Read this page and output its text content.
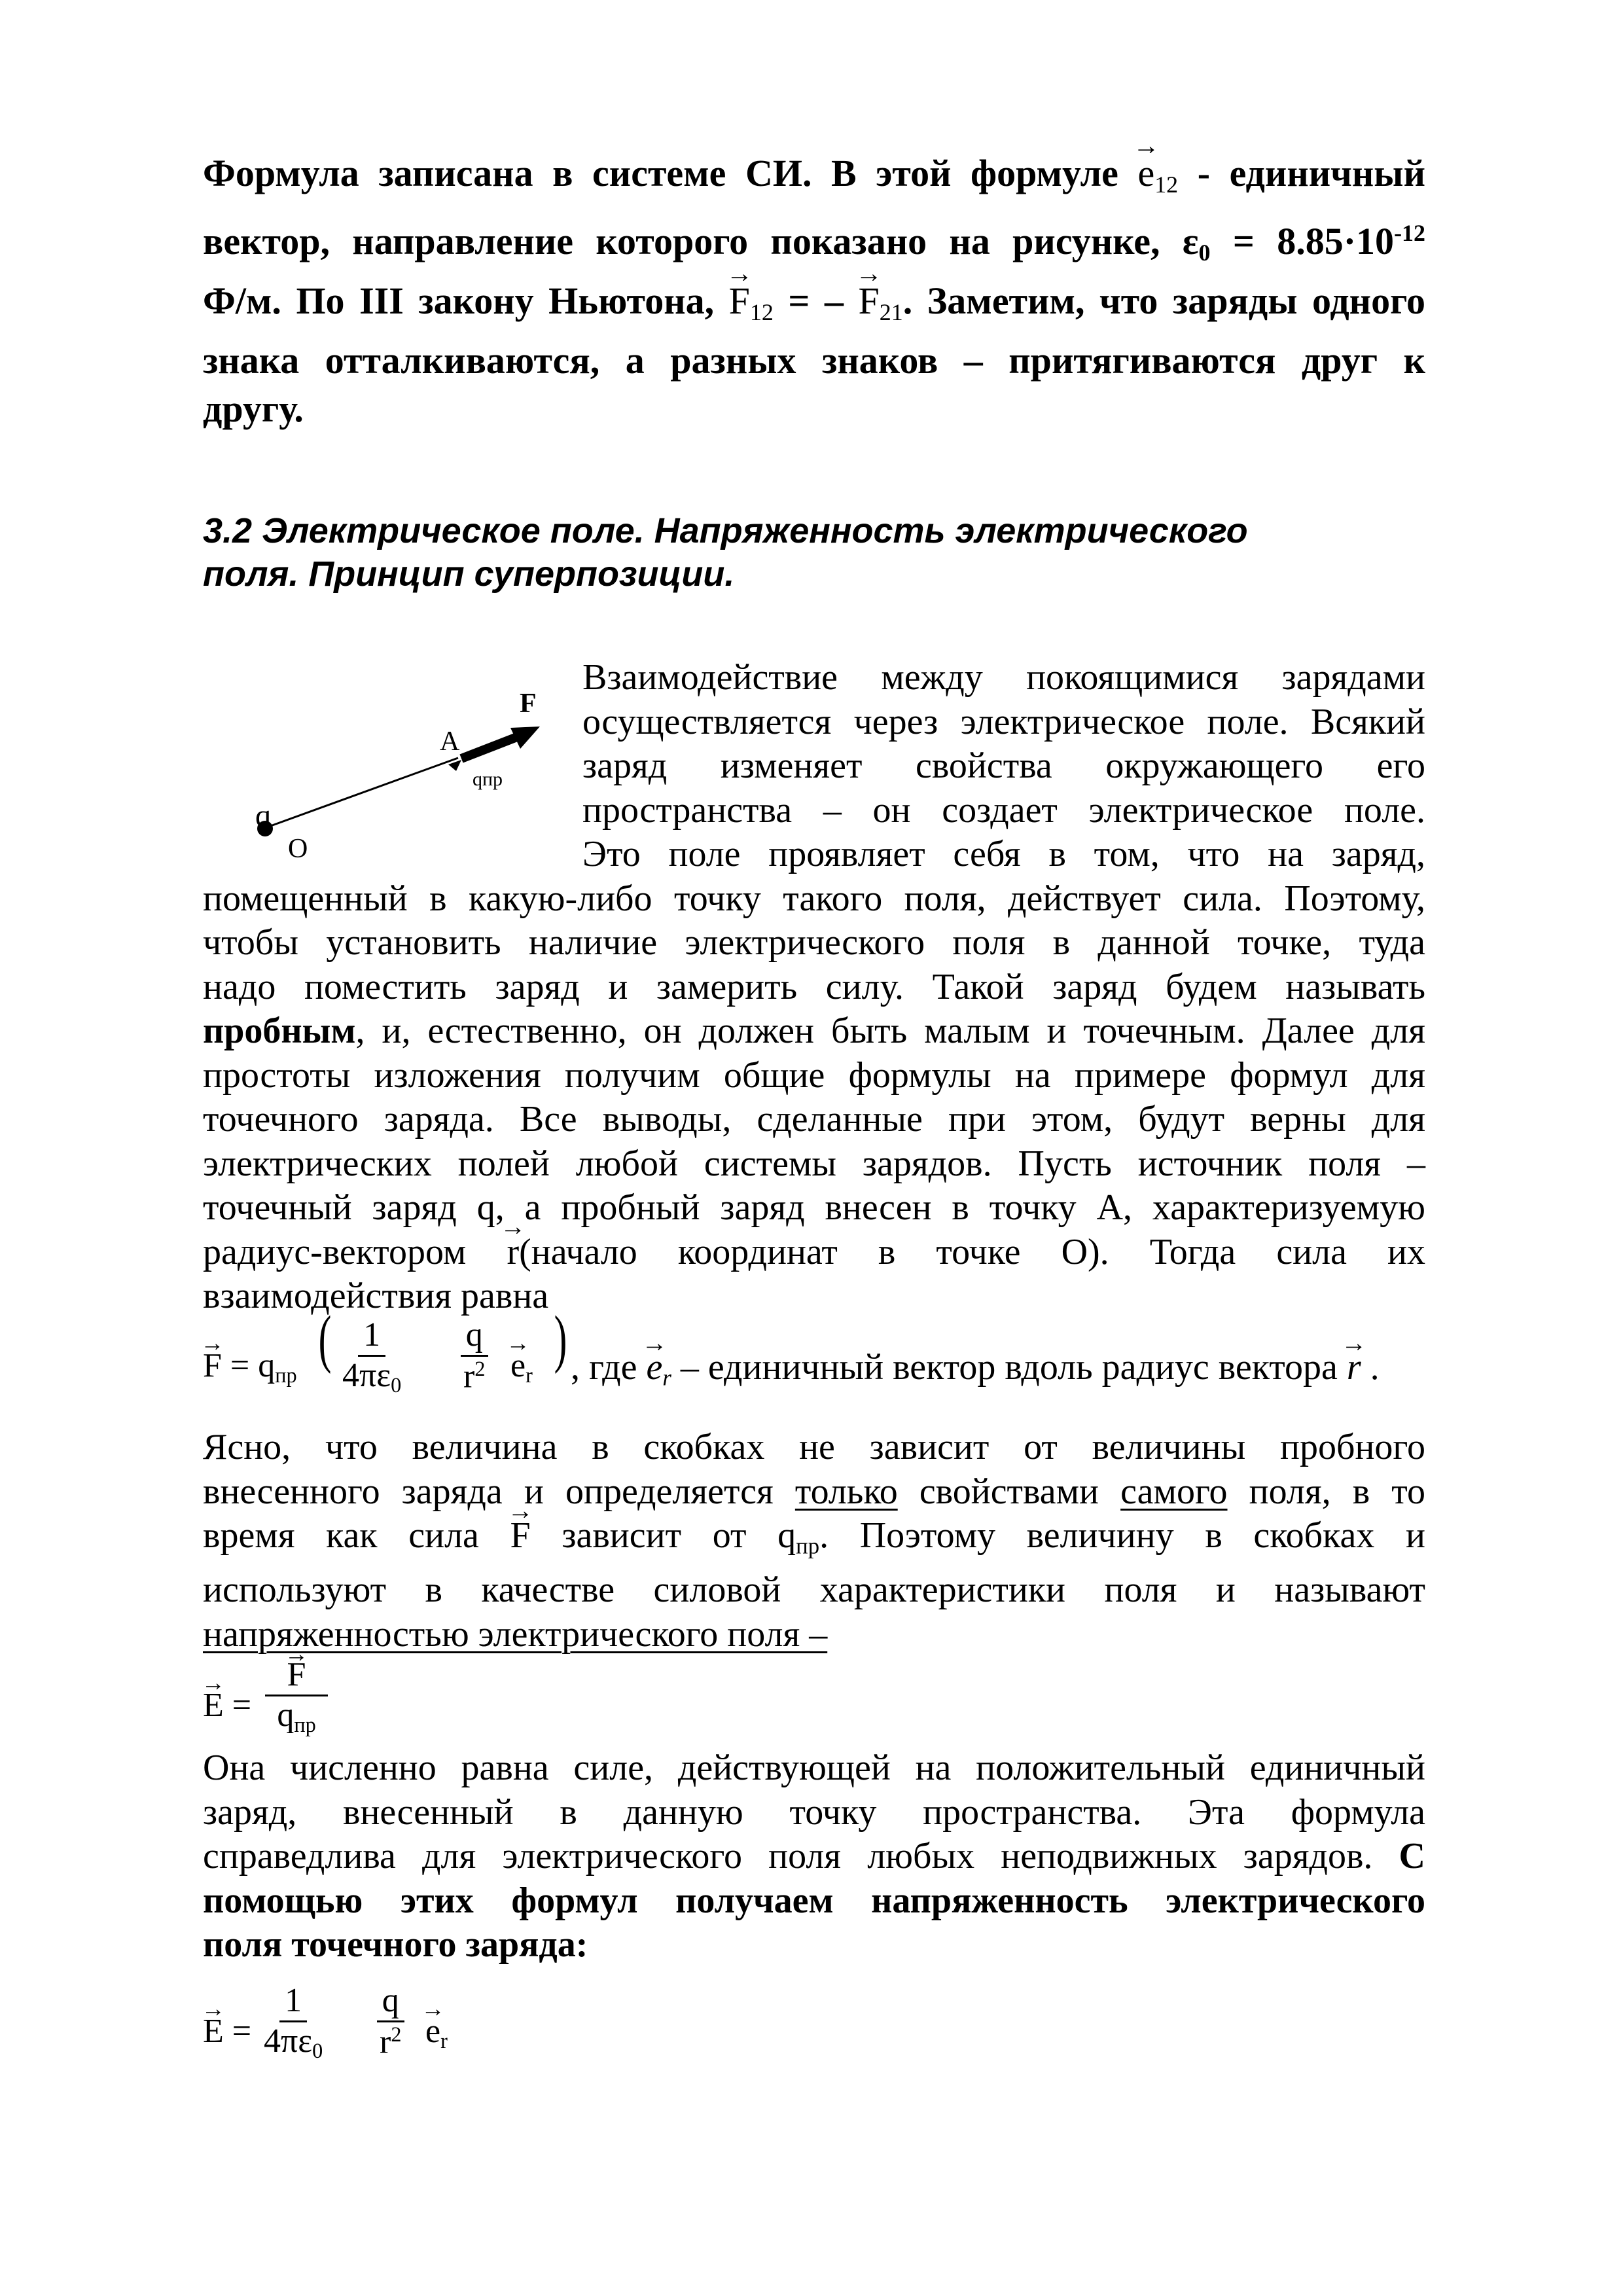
Формула записана в системе СИ. В этой формуле → $e_{12}$ - единичный
вектор, направление которого показано на рисунке, $\varepsilon_0 = 8.85\cdot 10^{-12}$
Ф/м. По III закону Ньютона, → $F_{12}$ = – → $F_{21}$. Заметим, что заряды одного
знака отталкиваются, а разных знаков – притягиваются друг к
другу.
3.2 Электрическое поле. Напряженность электрического
поля. Принцип суперпозиции.
q
O
A
F
qпр
Взаимодействие между покоящимися зарядами
осуществляется через электрическое поле. Всякий
заряд изменяет свойства окружающего его
пространства – он создает электрическое поле.
Это поле проявляет себя в том, что на заряд,
помещенный в какую-либо точку такого поля, действует сила. Поэтому,
чтобы установить наличие электрического поля в данной точке, туда
надо поместить заряд и замерить силу. Такой заряд будем называть
пробным, и, естественно, он должен быть малым и точечным. Далее для
простоты изложения получим общие формулы на примере формул для
точечного заряда. Все выводы, сделанные при этом, будут верны для
электрических полей любой системы зарядов. Пусть источник поля –
точечный заряд q, а пробный заряд внесен в точку А, характеризуемую
радиус-вектором → r(начало координат в точке О). Тогда сила их
взаимодействия равна
→ $F = q_{пр}$
( $\frac{1}{4\pi\varepsilon_0} \frac{q}{r^2}$
→ $e_r$
) , где → $e_r$ – единичный вектор вдоль радиус вектора → r .
Ясно, что величина в скобках не зависит от величины пробного
внесенного заряда и определяется только свойствами самого поля, в то
время как сила → F зависит от $q_{пр}$. Поэтому величину в скобках и
используют в качестве силовой характеристики поля и называют
напряженностью электрического поля –
→ E =
→ F
$q_{пр}$
Она численно равна силе, действующей на положительный единичный
заряд, внесенный в данную точку пространства. Эта формула
справедлива для электрического поля любых неподвижных зарядов. С
помощью этих формул получаем напряженность электрического
поля точечного заряда:
→ $E = \frac{1}{4\pi\varepsilon_0} \frac{q}{r^2}$
→ $e_r$
